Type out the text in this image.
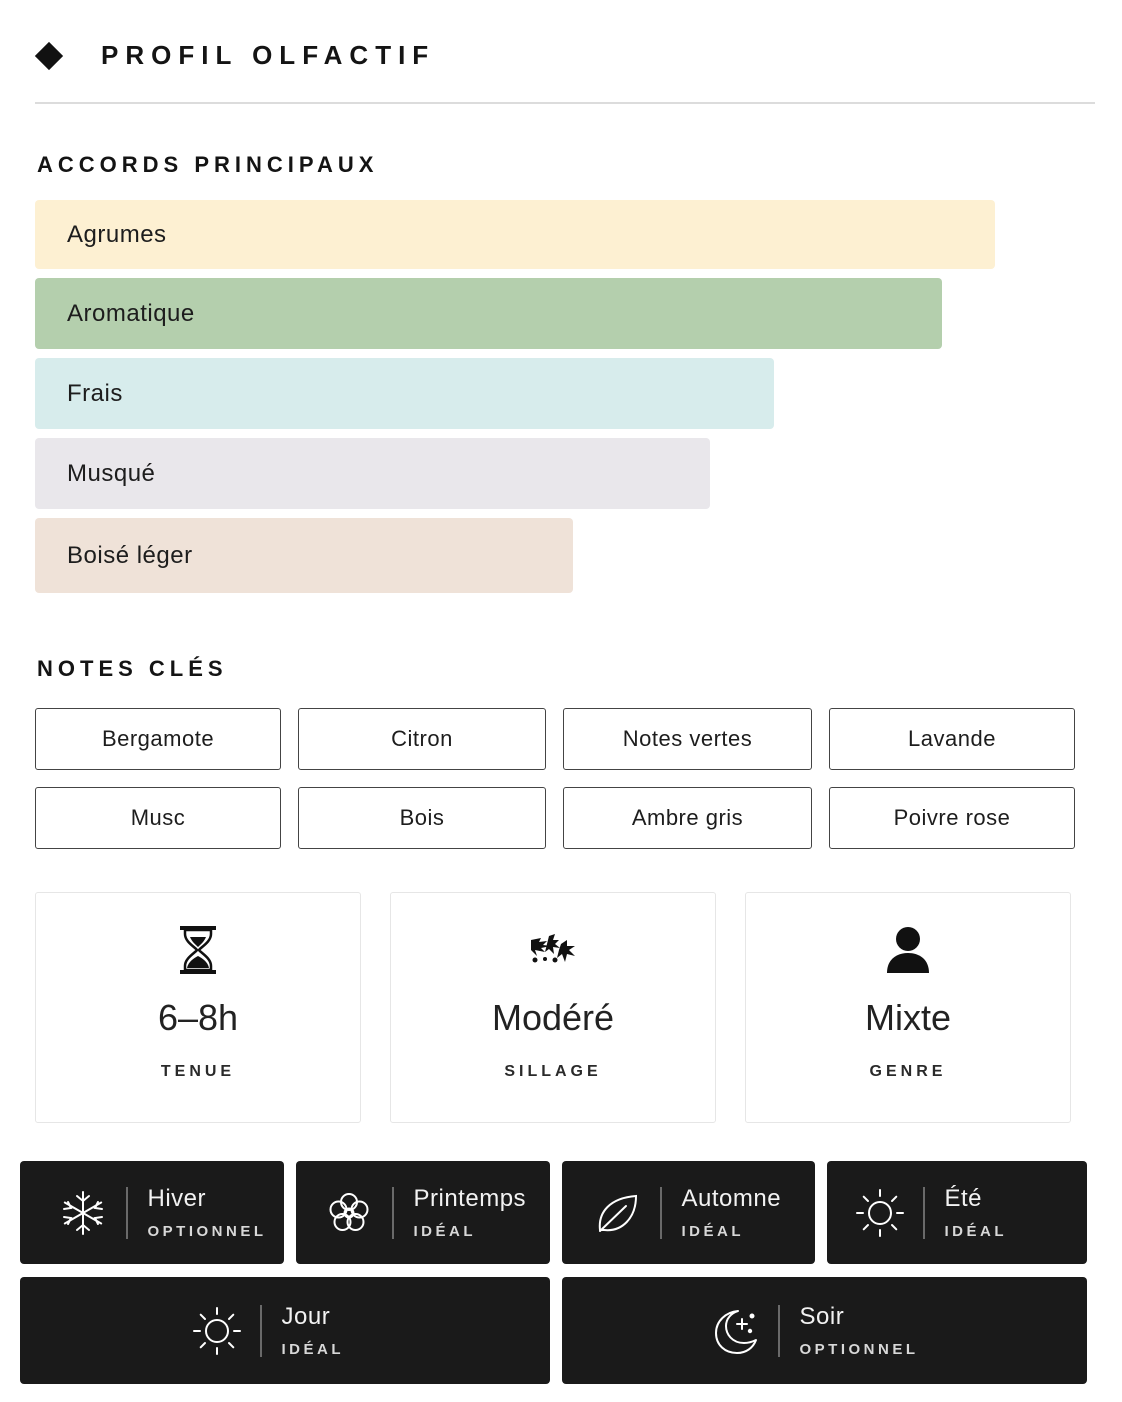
PROFIL OLFACTIF
ACCORDS PRINCIPAUX
Agrumes
Aromatique
Frais
Musqué
Boisé léger
NOTES CLÉS
Bergamote	Citron	Notes vertes	Lavande
Musc	Bois	Ambre gris	Poivre rose
6–8h
TENUE
Modéré
SILLAGE
Mixte
GENRE
Hiver
OPTIONNEL
Printemps
IDÉAL
Automne
IDÉAL
Été
IDÉAL
Jour
IDÉAL
Soir
OPTIONNEL
